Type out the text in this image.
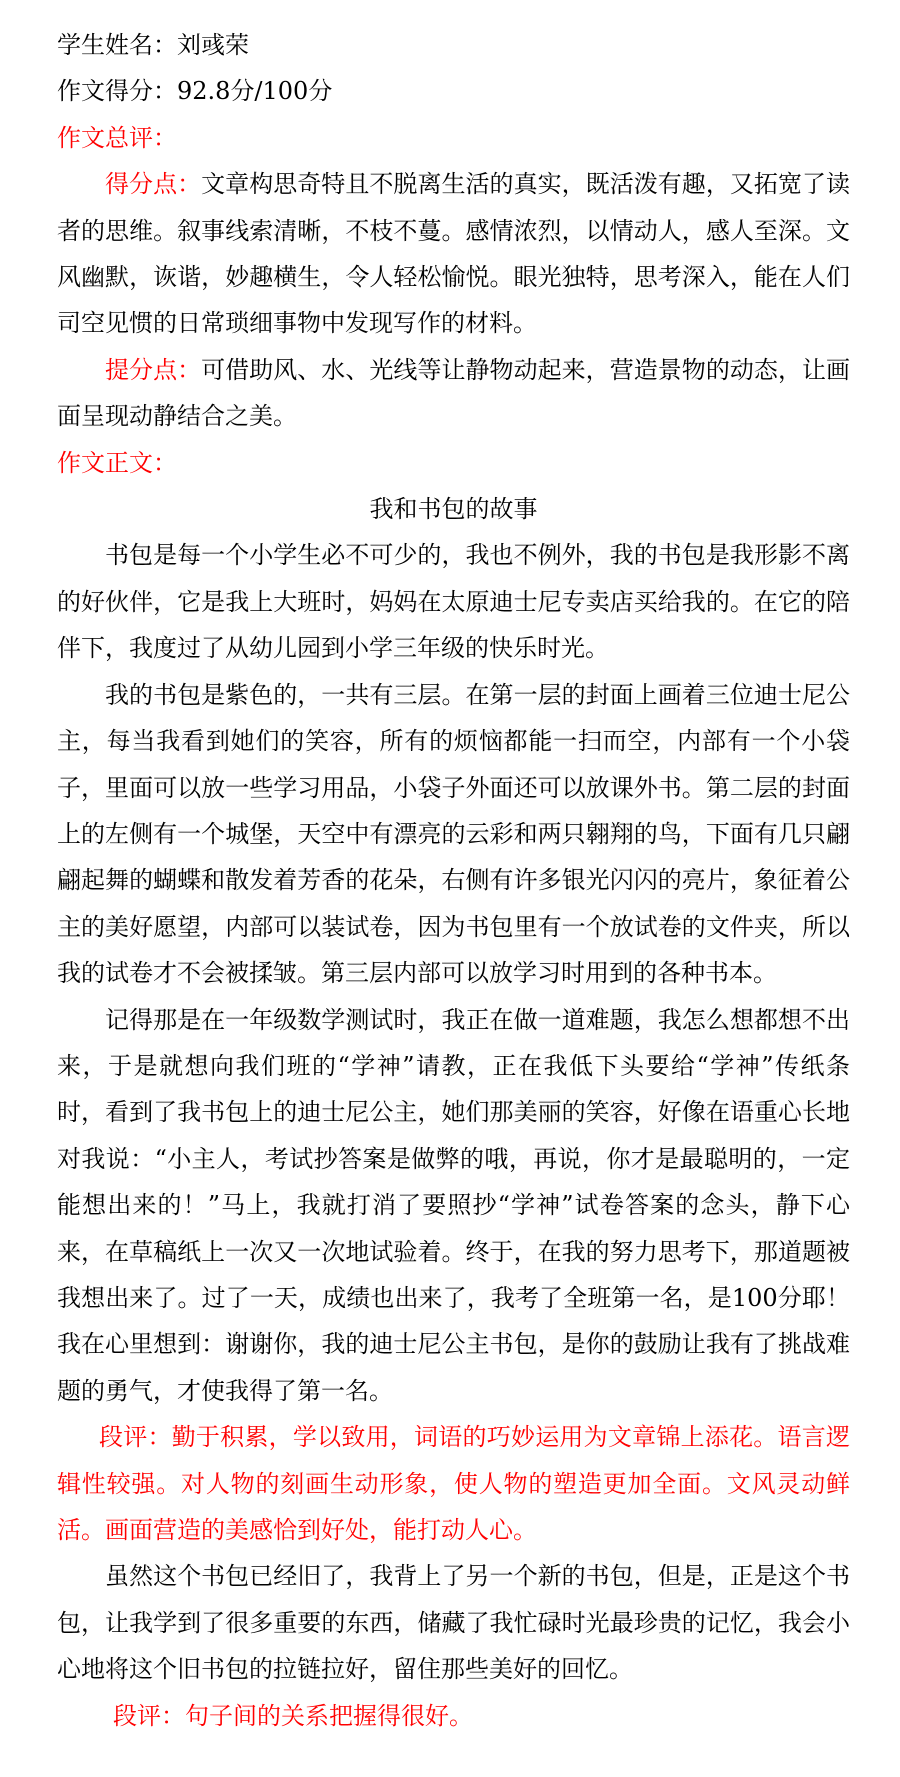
学生姓名：刘彧荣

作文得分：92.8分/100分

作文总评：

得分点：文章构思奇特且不脱离生活的真实，既活泼有趣，又拓宽了读者的思维。叙事线索清晰，不枝不蔓。感情浓烈，以情动人，感人至深。文风幽默，诙谐，妙趣横生，令人轻松愉悦。眼光独特，思考深入，能在人们司空见惯的日常琐细事物中发现写作的材料。

提分点：可借助风、水、光线等让静物动起来，营造景物的动态，让画面呈现动静结合之美。

作文正文：

我和书包的故事

书包是每一个小学生必不可少的，我也不例外，我的书包是我形影不离的好伙伴，它是我上大班时，妈妈在太原迪士尼专卖店买给我的。在它的陪伴下，我度过了从幼儿园到小学三年级的快乐时光。

我的书包是紫色的，一共有三层。在第一层的封面上画着三位迪士尼公主，每当我看到她们的笑容，所有的烦恼都能一扫而空，内部有一个小袋子，里面可以放一些学习用品，小袋子外面还可以放课外书。第二层的封面上的左侧有一个城堡，天空中有漂亮的云彩和两只翱翔的鸟，下面有几只翩翩起舞的蝴蝶和散发着芳香的花朵，右侧有许多银光闪闪的亮片，象征着公主的美好愿望，内部可以装试卷，因为书包里有一个放试卷的文件夹，所以我的试卷才不会被揉皱。第三层内部可以放学习时用到的各种书本。

记得那是在一年级数学测试时，我正在做一道难题，我怎么想都想不出来，于是就想向我们班的“学神”请教，正在我低下头要给“学神”传纸条时，看到了我书包上的迪士尼公主，她们那美丽的笑容，好像在语重心长地对我说：“小主人，考试抄答案是做弊的哦，再说，你才是最聪明的，一定能想出来的！”马上，我就打消了要照抄“学神”试卷答案的念头，静下心来，在草稿纸上一次又一次地试验着。终于，在我的努力思考下，那道题被我想出来了。过了一天，成绩也出来了，我考了全班第一名，是100分耶！我在心里想到：谢谢你，我的迪士尼公主书包，是你的鼓励让我有了挑战难题的勇气，才使我得了第一名。

段评：勤于积累，学以致用，词语的巧妙运用为文章锦上添花。语言逻辑性较强。对人物的刻画生动形象，使人物的塑造更加全面。文风灵动鲜活。画面营造的美感恰到好处，能打动人心。

虽然这个书包已经旧了，我背上了另一个新的书包，但是，正是这个书包，让我学到了很多重要的东西，储藏了我忙碌时光最珍贵的记忆，我会小心地将这个旧书包的拉链拉好，留住那些美好的回忆。

段评：句子间的关系把握得很好。
